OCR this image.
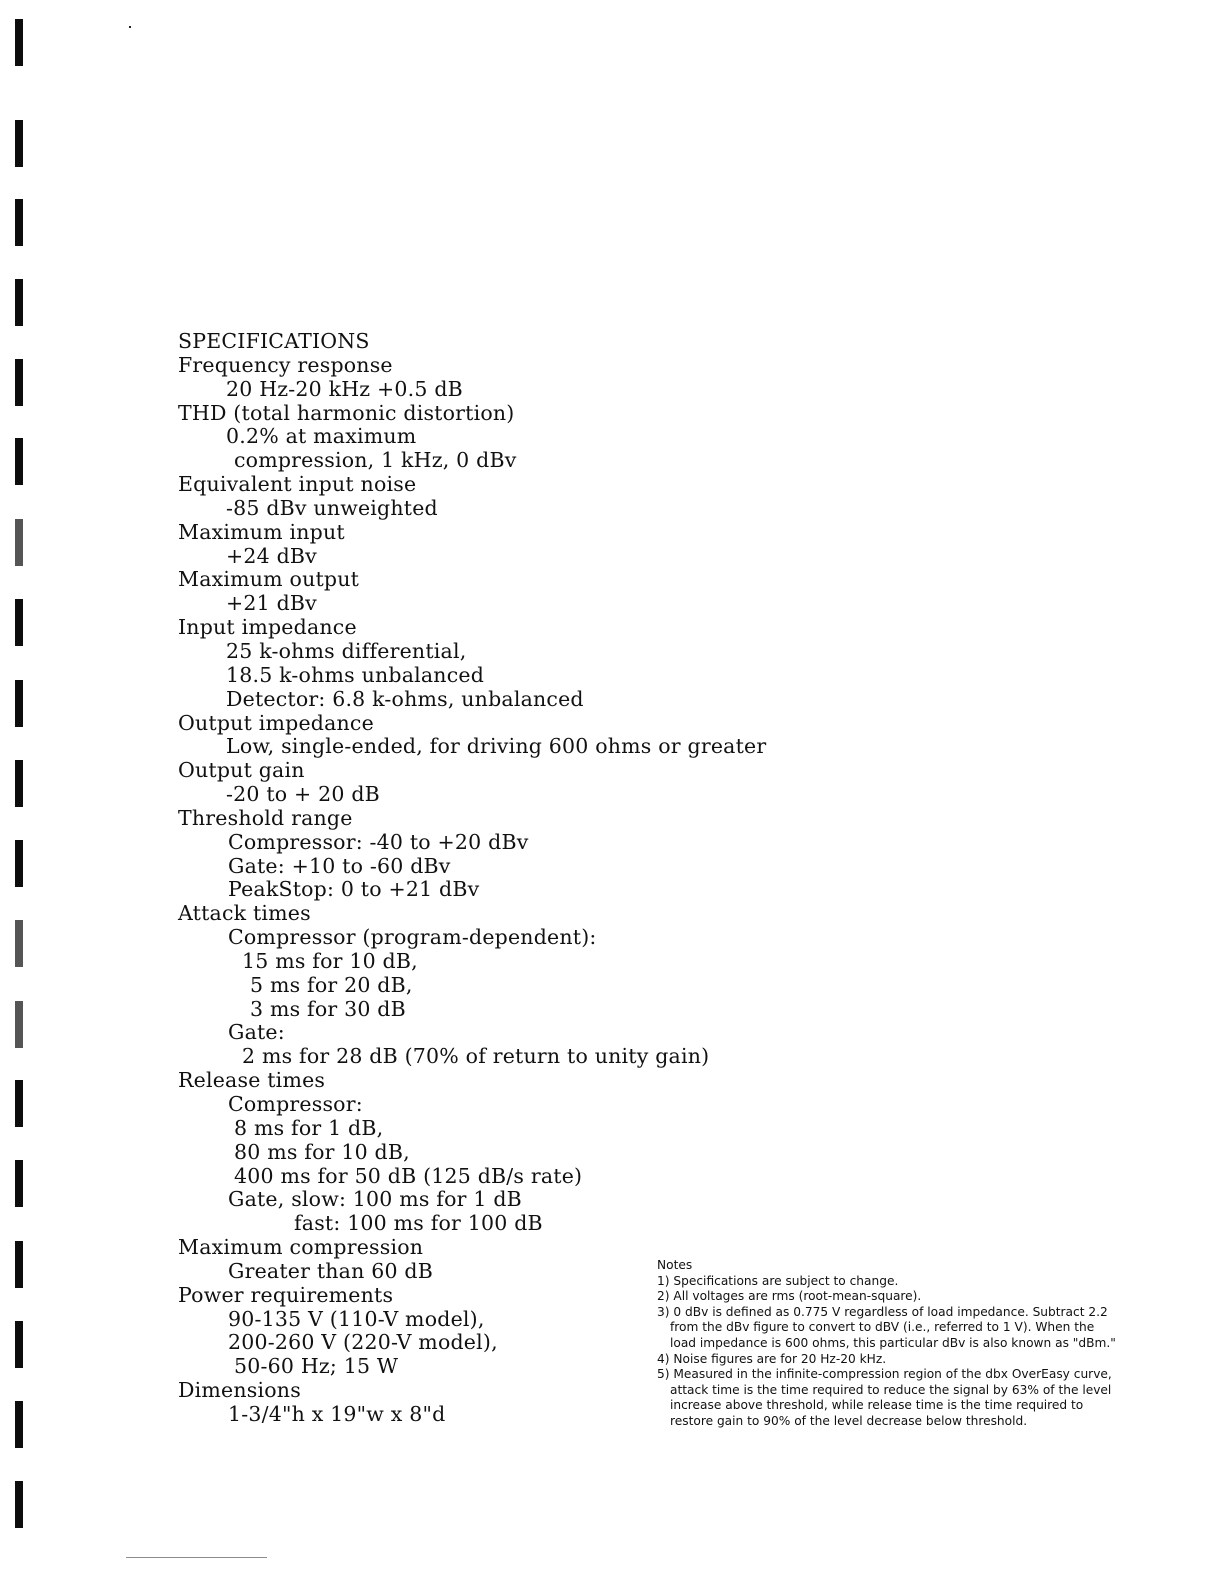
SPECIFICATIONS
Frequency response
20 Hz-20 kHz +0.5 dB
THD (total harmonic distortion)
0.2% at maximum
compression, 1 kHz, 0 dBv
Equivalent input noise
-85 dBv unweighted
Maximum input
+24 dBv
Maximum output
+21 dBv
Input impedance
25 k-ohms differential,
18.5 k-ohms unbalanced
Detector: 6.8 k-ohms, unbalanced
Output impedance
Low, single-ended, for driving 600 ohms or greater
Output gain
-20 to + 20 dB
Threshold range
Compressor: -40 to +20 dBv
Gate: +10 to -60 dBv
PeakStop: 0 to +21 dBv
Attack times
Compressor (program-dependent):
15 ms for 10 dB,
5 ms for 20 dB,
3 ms for 30 dB
Gate:
2 ms for 28 dB (70% of return to unity gain)
Release times
Compressor:
8 ms for 1 dB,
80 ms for 10 dB,
400 ms for 50 dB (125 dB/s rate)
Gate, slow: 100 ms for 1 dB
fast: 100 ms for 100 dB
Maximum compression
Greater than 60 dB
Power requirements
90-135 V (110-V model),
200-260 V (220-V model),
50-60 Hz; 15 W
Dimensions
1-3/4"h x 19"w x 8"d
Notes
1) Specifications are subject to change.
2) All voltages are rms (root-mean-square).
3) 0 dBv is defined as 0.775 V regardless of load impedance. Subtract 2.2
from the dBv figure to convert to dBV (i.e., referred to 1 V). When the
load impedance is 600 ohms, this particular dBv is also known as "dBm."
4) Noise figures are for 20 Hz-20 kHz.
5) Measured in the infinite-compression region of the dbx OverEasy curve,
attack time is the time required to reduce the signal by 63% of the level
increase above threshold, while release time is the time required to
restore gain to 90% of the level decrease below threshold.
